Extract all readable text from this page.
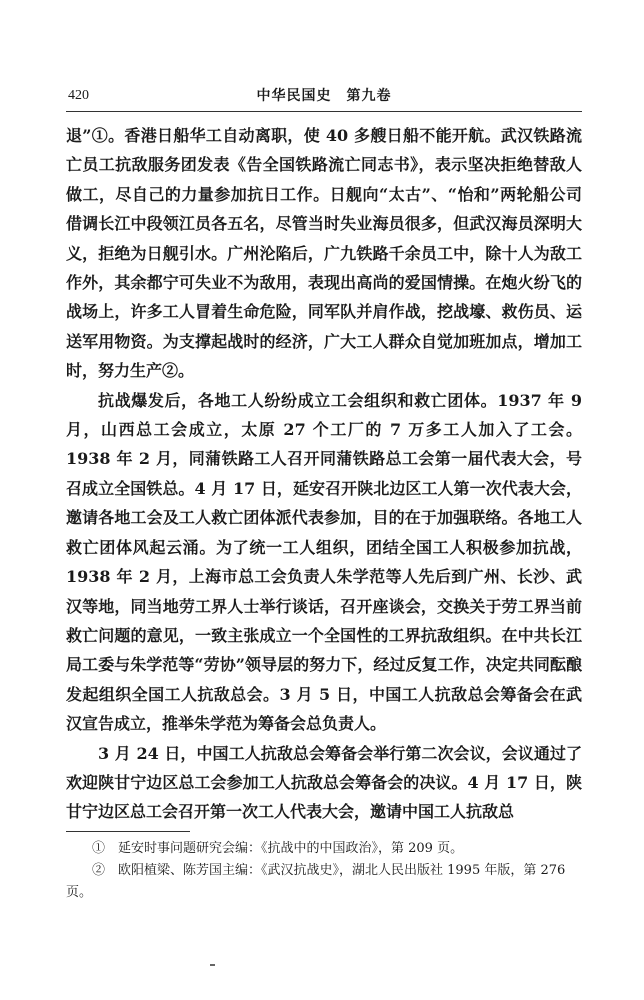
420	中华民国史　第九卷

退”①。香港日船华工自动离职，使 40 多艘日船不能开航。武汉铁路流亡员工抗敌服务团发表《告全国铁路流亡同志书》，表示坚决拒绝替敌人做工，尽自己的力量参加抗日工作。日舰向“太古”、“怡和”两轮船公司借调长江中段领江员各五名，尽管当时失业海员很多，但武汉海员深明大义，拒绝为日舰引水。广州沦陷后，广九铁路千余员工中，除十人为敌工作外，其余都宁可失业不为敌用，表现出高尚的爱国情操。在炮火纷飞的战场上，许多工人冒着生命危险，同军队并肩作战，挖战壕、救伤员、运送军用物资。为支撑起战时的经济，广大工人群众自觉加班加点，增加工时，努力生产②。

抗战爆发后，各地工人纷纷成立工会组织和救亡团体。1937 年 9 月，山西总工会成立，太原 27 个工厂的 7 万多工人加入了工会。1938 年 2 月，同蒲铁路工人召开同蒲铁路总工会第一届代表大会，号召成立全国铁总。4 月 17 日，延安召开陕北边区工人第一次代表大会，邀请各地工会及工人救亡团体派代表参加，目的在于加强联络。各地工人救亡团体风起云涌。为了统一工人组织，团结全国工人积极参加抗战，1938 年 2 月，上海市总工会负责人朱学范等人先后到广州、长沙、武汉等地，同当地劳工界人士举行谈话，召开座谈会，交换关于劳工界当前救亡问题的意见，一致主张成立一个全国性的工界抗敌组织。在中共长江局工委与朱学范等“劳协”领导层的努力下，经过反复工作，决定共同酝酿发起组织全国工人抗敌总会。3 月 5 日，中国工人抗敌总会筹备会在武汉宣告成立，推举朱学范为筹备会总负责人。

3 月 24 日，中国工人抗敌总会筹备会举行第二次会议，会议通过了欢迎陕甘宁边区总工会参加工人抗敌总会筹备会的决议。4 月 17 日，陕甘宁边区总工会召开第一次工人代表大会，邀请中国工人抗敌总

①　延安时事问题研究会编：《抗战中的中国政治》，第 209 页。

②　欧阳植梁、陈芳国主编：《武汉抗战史》，湖北人民出版社 1995 年版，第 276 页。
